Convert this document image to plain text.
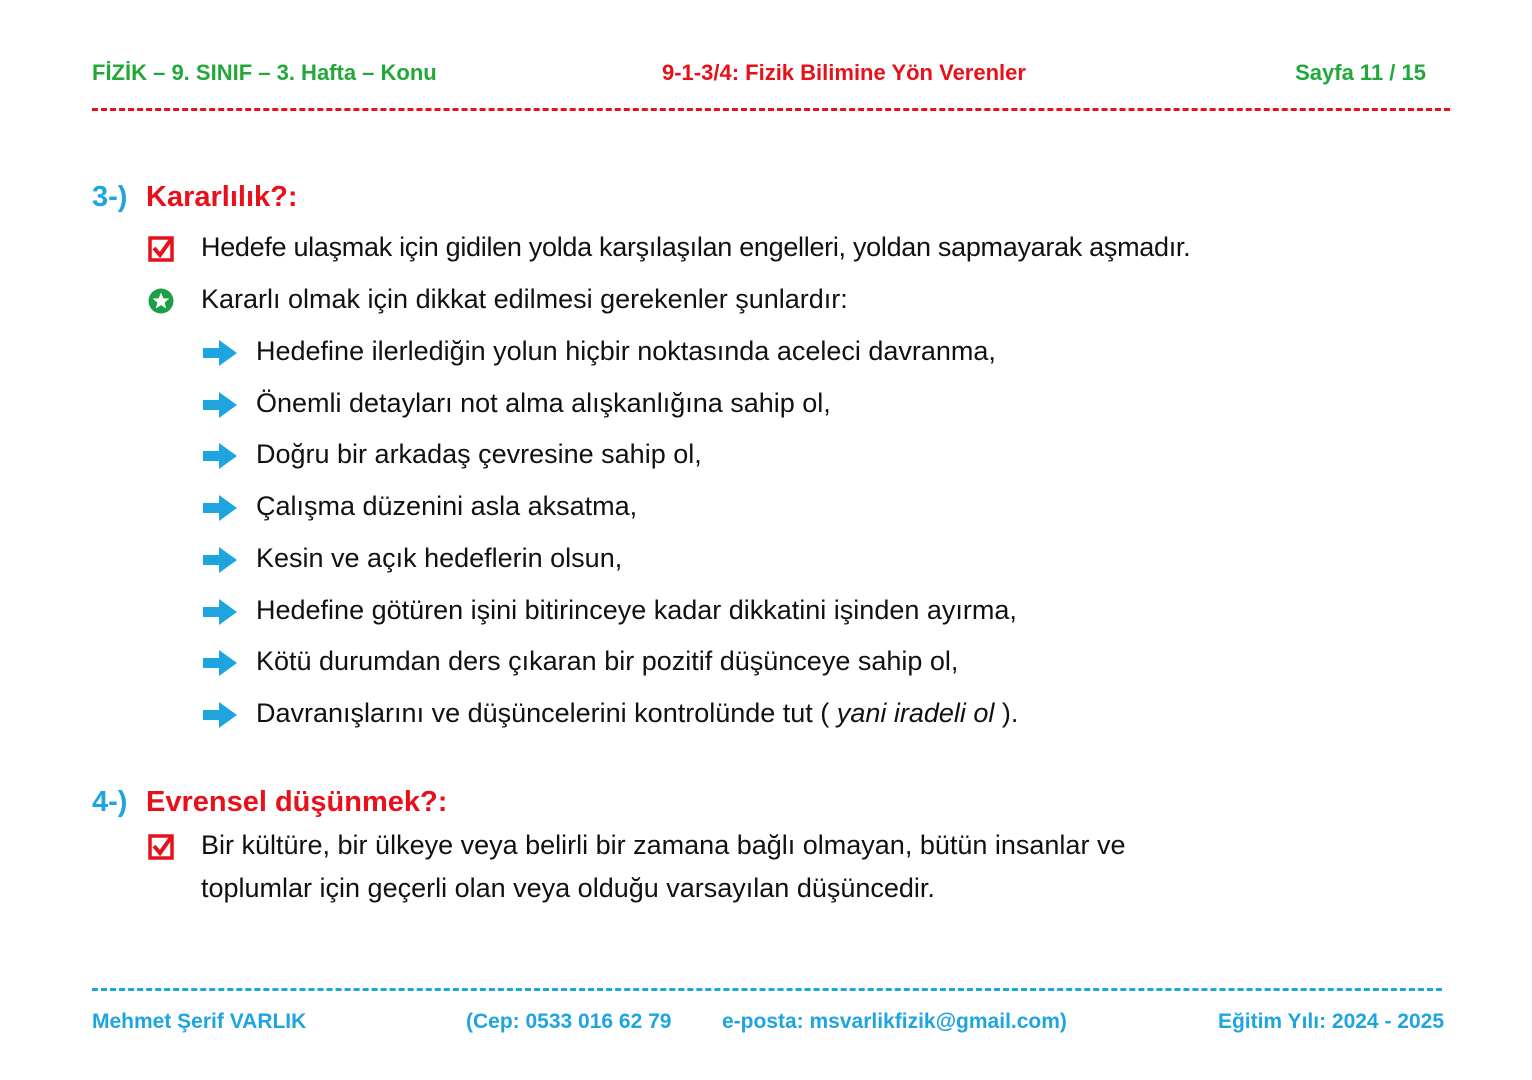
FİZİK – 9. SINIF – 3. Hafta – Konu	9-1-3/4: Fizik Bilimine Yön Verenler	Sayfa 11 / 15
3-) Kararlılık?:
Hedefe ulaşmak için gidilen yolda karşılaşılan engelleri, yoldan sapmayarak aşmadır.
Kararlı olmak için dikkat edilmesi gerekenler şunlardır:
Hedefine ilerlediğin yolun hiçbir noktasında aceleci davranma,
Önemli detayları not alma alışkanlığına sahip ol,
Doğru bir arkadaş çevresine sahip ol,
Çalışma düzenini asla aksatma,
Kesin ve açık hedeflerin olsun,
Hedefine götüren işini bitirinceye kadar dikkatini işinden ayırma,
Kötü durumdan ders çıkaran bir pozitif düşünceye sahip ol,
Davranışlarını ve düşüncelerini kontrolünde tut ( yani iradeli ol ).
4-) Evrensel düşünmek?:
Bir kültüre, bir ülkeye veya belirli bir zamana bağlı olmayan, bütün insanlar ve
toplumlar için geçerli olan veya olduğu varsayılan düşüncedir.
Mehmet Şerif VARLIK	(Cep: 0533 016 62 79 e-posta: msvarlikfizik@gmail.com)	Eğitim Yılı: 2024 - 2025
